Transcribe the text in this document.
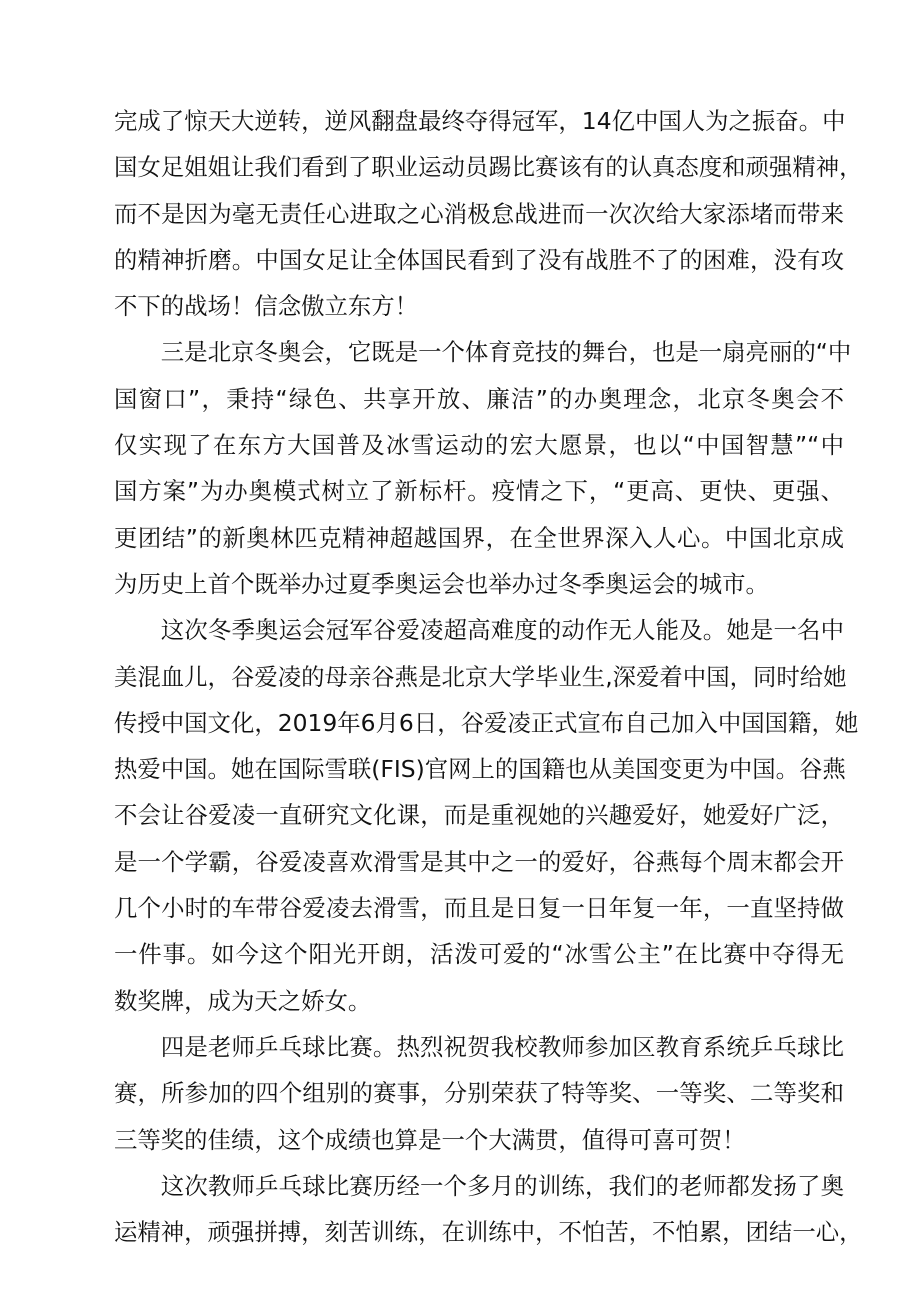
完成了惊天大逆转，逆风翻盘最终夺得冠军，14亿中国人为之振奋。中
国女足姐姐让我们看到了职业运动员踢比赛该有的认真态度和顽强精神，
而不是因为毫无责任心进取之心消极怠战进而一次次给大家添堵而带来
的精神折磨。中国女足让全体国民看到了没有战胜不了的困难，没有攻
不下的战场！信念傲立东方！
三是北京冬奥会，它既是一个体育竞技的舞台，也是一扇亮丽的“中
国窗口”，秉持“绿色、共享开放、廉洁”的办奥理念，北京冬奥会不
仅实现了在东方大国普及冰雪运动的宏大愿景，也以“中国智慧”“中
国方案”为办奥模式树立了新标杆。疫情之下，“更高、更快、更强、
更团结”的新奥林匹克精神超越国界，在全世界深入人心。中国北京成
为历史上首个既举办过夏季奥运会也举办过冬季奥运会的城市。
这次冬季奥运会冠军谷爱凌超高难度的动作无人能及。她是一名中
美混血儿，谷爱凌的母亲谷燕是北京大学毕业生,深爱着中国，同时给她
传授中国文化，2019年6月6日，谷爱凌正式宣布自己加入中国国籍，她
热爱中国。她在国际雪联(FIS)官网上的国籍也从美国变更为中国。谷燕
不会让谷爱凌一直研究文化课，而是重视她的兴趣爱好，她爱好广泛，
是一个学霸，谷爱凌喜欢滑雪是其中之一的爱好，谷燕每个周末都会开
几个小时的车带谷爱凌去滑雪，而且是日复一日年复一年，一直坚持做
一件事。如今这个阳光开朗，活泼可爱的“冰雪公主”在比赛中夺得无
数奖牌，成为天之娇女。
四是老师乒乓球比赛。热烈祝贺我校教师参加区教育系统乒乓球比
赛，所参加的四个组别的赛事，分别荣获了特等奖、一等奖、二等奖和
三等奖的佳绩，这个成绩也算是一个大满贯，值得可喜可贺！
这次教师乒乓球比赛历经一个多月的训练，我们的老师都发扬了奥
运精神，顽强拼搏，刻苦训练，在训练中，不怕苦，不怕累，团结一心，
